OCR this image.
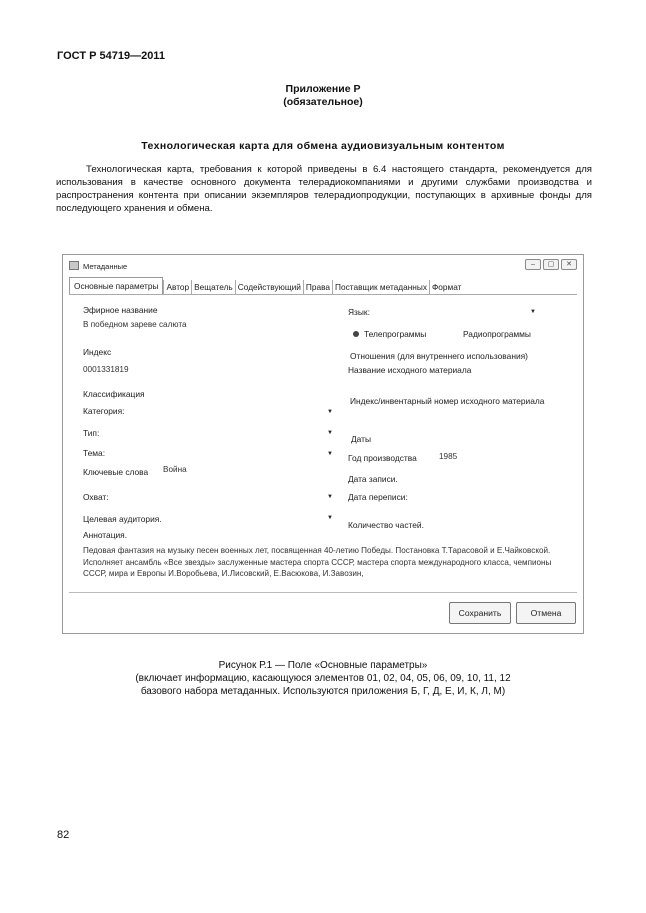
ГОСТ Р 54719—2011
Приложение Р
(обязательное)
Технологическая карта для обмена аудиовизуальным контентом

Технологическая карта, требования к которой приведены в 6.4 настоящего стандарта, рекомендуется для использования в качестве основного документа телерадиокомпаниями и другими службами производства и распространения контента при описании экземпляров телерадиопродукции, поступающих в архивные фонды для последующего хранения и обмена.

Метаданные	–	▢	✕
Основные параметры Автор Вещатель Содействующий Права Поставщик метаданных Формат
Эфирное название
В победном зареве салюта
Индекс
0001331819
Классификация
Категория:	▼
Тип:	▼
Тема:	▼
Ключевые слова Война
Охват:	▼
Целевая аудитория.	▼
Аннотация.
Язык:	▼
Телепрограммы	Радиопрограммы
Отношения (для внутреннего использования)
Название исходного материала
Индекс/инвентарный номер исходного материала
Даты
Год производства	1985
Дата записи.
Дата переписи:
Количество частей.
Педовая фантазия на музыку песен военных лет, посвященная 40-летию Победы. Постановка Т.Тарасовой и Е.Чайковской. Исполняет ансамбль «Все звезды» заслуженные мастера спорта СССР, мастера спорта международного класса, чемпионы СССР, мира и Европы И.Воробьева, И.Лисовский, Е.Васюкова, И.Завозин,
Сохранить	Отмена
Рисунок Р.1 — Поле «Основные параметры»
(включает информацию, касающуюся элементов 01, 02, 04, 05, 06, 09, 10, 11, 12
базового набора метаданных. Используются приложения Б, Г, Д, Е, И, К, Л, М)
82
